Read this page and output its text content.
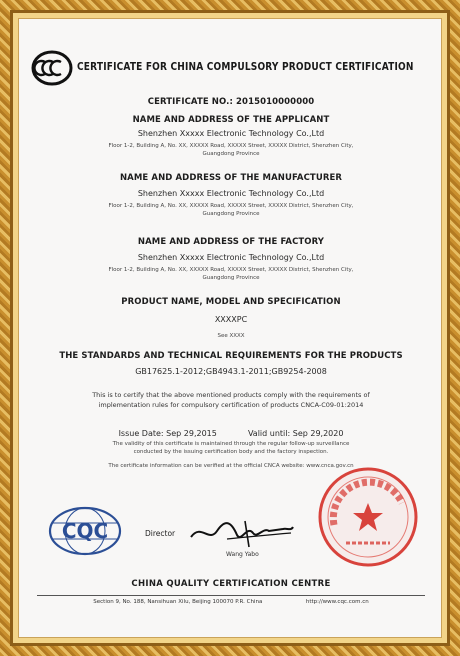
CERTIFICATE FOR CHINA COMPULSORY PRODUCT CERTIFICATION
CERTIFICATE NO.: 2015010000000
NAME AND ADDRESS OF THE APPLICANT
Shenzhen Xxxxx Electronic Technology Co.,Ltd
Floor 1-2, Building A, No. XX, XXXXX Road, XXXXX Street, XXXXX District, Shenzhen City,
Guangdong Province
NAME AND ADDRESS OF THE MANUFACTURER
Shenzhen Xxxxx Electronic Technology Co.,Ltd
Floor 1-2, Building A, No. XX, XXXXX Road, XXXXX Street, XXXXX District, Shenzhen City,
Guangdong Province
NAME AND ADDRESS OF THE FACTORY
Shenzhen Xxxxx Electronic Technology Co.,Ltd
Floor 1-2, Building A, No. XX, XXXXX Road, XXXXX Street, XXXXX District, Shenzhen City,
Guangdong Province
PRODUCT NAME, MODEL AND SPECIFICATION
XXXXPC
See XXXX
THE STANDARDS AND TECHNICAL REQUIREMENTS FOR THE PRODUCTS
GB17625.1-2012;GB4943.1-2011;GB9254-2008
This is to certify that the above mentioned products comply with the requirements of
implementation rules for compulsory certification of products CNCA-C09-01:2014
Issue Date: Sep 29,2015	Valid until: Sep 29,2020
The validity of this certificate is maintained through the regular follow-up surveillance
conducted by the issuing certification body and the factory inspection.
The certificate information can be verified at the official CNCA website: www.cnca.gov.cn
CQC	Director
Wang Yabo
CHINA QUALITY CERTIFICATION CENTRE
Section 9, No. 188, Nansihuan Xilu, Beijing 100070 P.R. China	http://www.cqc.com.cn
